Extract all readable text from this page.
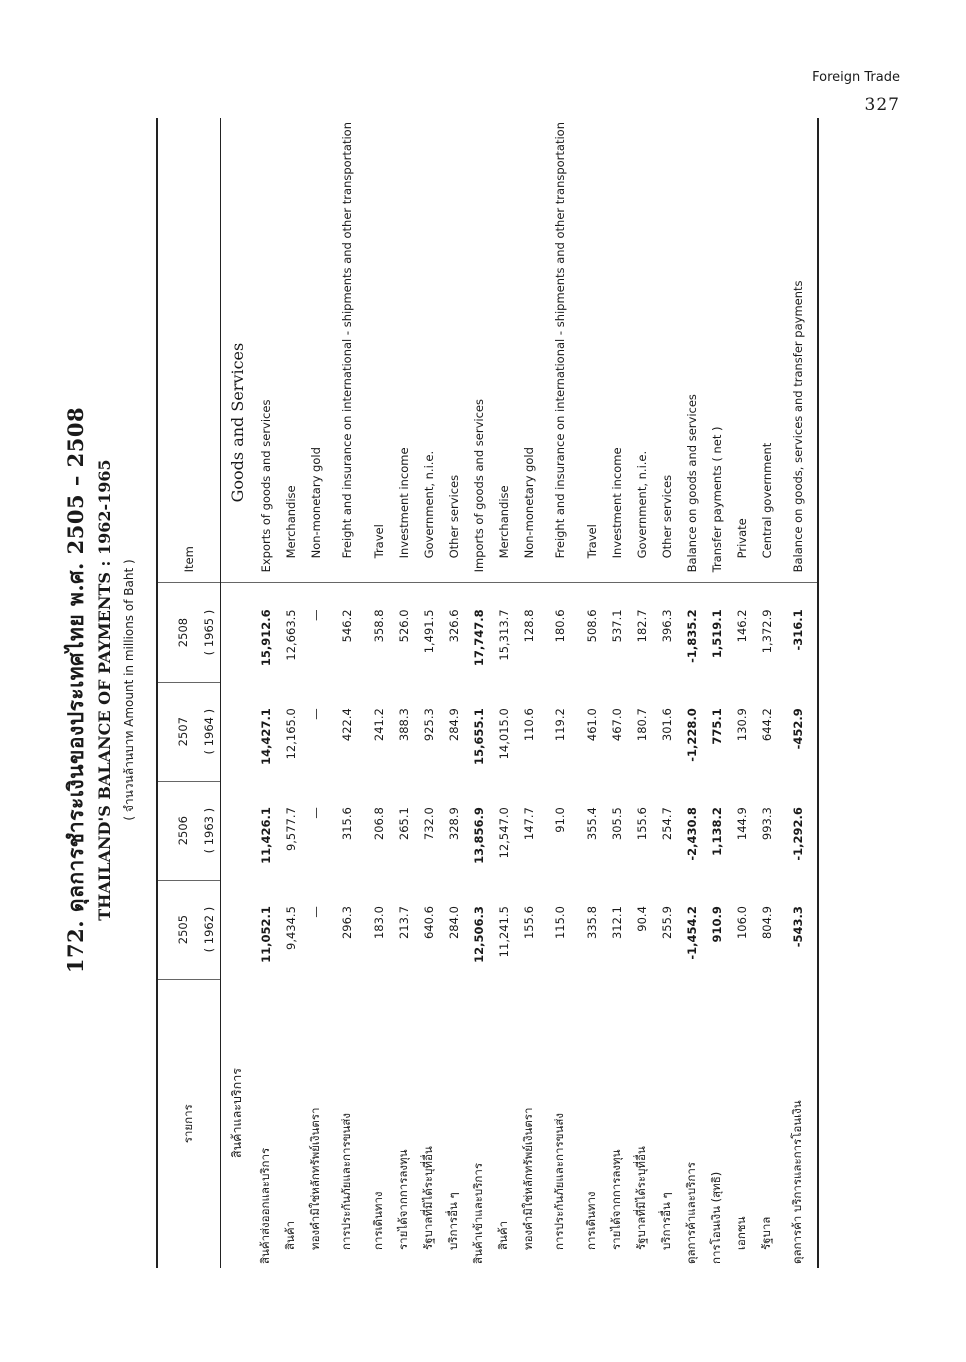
Foreign Trade
327
172. ดุลการชำระเงินของประเทศไทย พ.ศ. 2505 – 2508 THAILAND'S BALANCE OF PAYMENTS : 1962-1965 ( จำนวนล้านบาท Amount in millions of Baht )
รายการ	2505 ( 1962 )	2506 ( 1963 )	2507 ( 1964 )	2508 ( 1965 )	Item
สินค้าและบริการ					Goods and Services
สินค้าส่งออกและบริการ	11,052.1	11,426.1	14,427.1	15,912.6	Exports of goods and services
สินค้า	9,434.5	9,577.7	12,165.0	12,663.5	Merchandise
ทองคำมิใช่หลักทรัพย์เงินตรา	—	—	—	—	Non-monetary gold
การประกันภัยและการขนส่ง	296.3	315.6	422.4	546.2	Freight and insurance on international - shipments and other transportation
การเดินทาง	183.0	206.8	241.2	358.8	Travel
รายได้จากการลงทุน	213.7	265.1	388.3	526.0	Investment income
รัฐบาลที่มิได้ระบุที่อื่น	640.6	732.0	925.3	1,491.5	Government, n.i.e.
บริการอื่น ๆ	284.0	328.9	284.9	326.6	Other services
สินค้าเข้าและบริการ	12,506.3	13,856.9	15,655.1	17,747.8	Imports of goods and services
สินค้า	11,241.5	12,547.0	14,015.0	15,313.7	Merchandise
ทองคำมิใช่หลักทรัพย์เงินตรา	155.6	147.7	110.6	128.8	Non-monetary gold
การประกันภัยและการขนส่ง	115.0	91.0	119.2	180.6	Freight and insurance on international - shipments and other transportation
การเดินทาง	335.8	355.4	461.0	508.6	Travel
รายได้จากการลงทุน	312.1	305.5	467.0	537.1	Investment income
รัฐบาลที่มิได้ระบุที่อื่น	90.4	155.6	180.7	182.7	Government, n.i.e.
บริการอื่น ๆ	255.9	254.7	301.6	396.3	Other services
ดุลการค้าและบริการ	-1,454.2	-2,430.8	-1,228.0	-1,835.2	Balance on goods and services
การโอนเงิน (สุทธิ)	910.9	1,138.2	775.1	1,519.1	Transfer payments ( net )
เอกชน	106.0	144.9	130.9	146.2	Private
รัฐบาล	804.9	993.3	644.2	1,372.9	Central government
ดุลการค้า บริการและการโอนเงิน	-543.3	-1,292.6	-452.9	-316.1	Balance on goods, services and transfer payments
